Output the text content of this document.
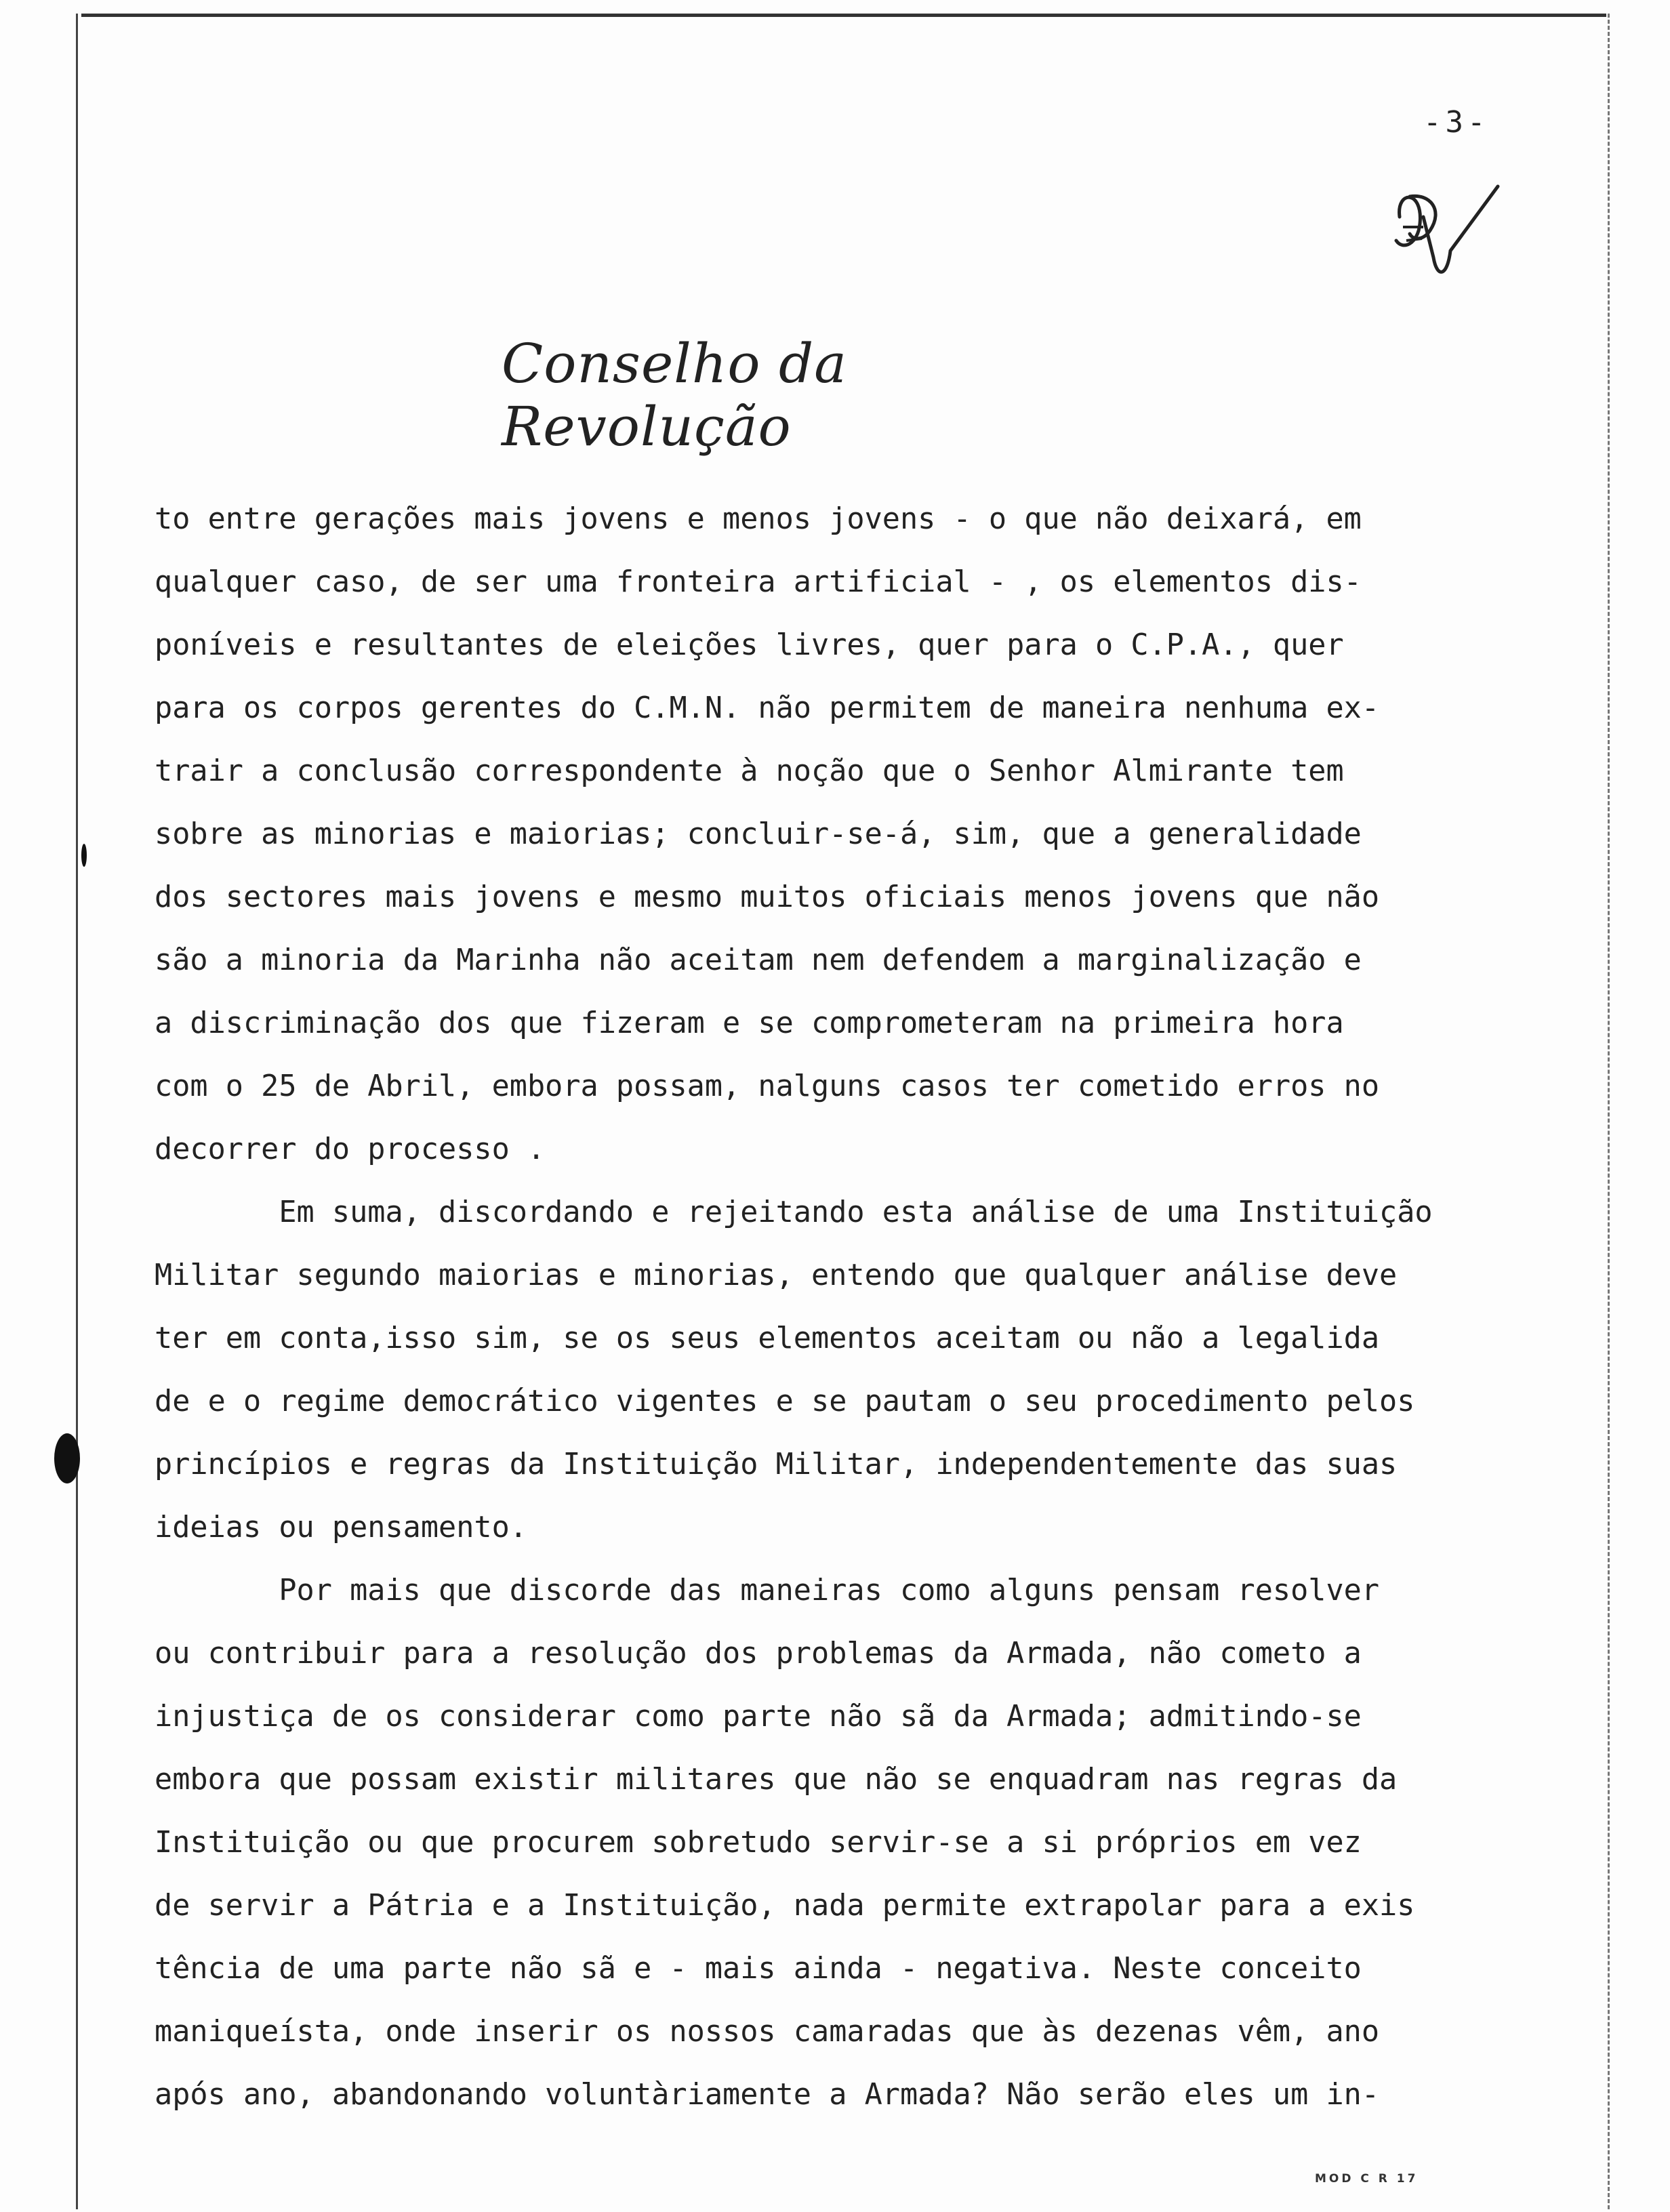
-3-
Conselho da Revolução
to entre gerações mais jovens e menos jovens - o que não deixará, em
qualquer caso, de ser uma fronteira artificial - , os elementos dis-
poníveis e resultantes de eleições livres, quer para o C.P.A., quer
para os corpos gerentes do C.M.N. não permitem de maneira nenhuma ex-
trair a conclusão correspondente à noção que o Senhor Almirante tem
sobre as minorias e maiorias; concluir-se-á, sim, que a generalidade
dos sectores mais jovens e mesmo muitos oficiais menos jovens que não
são a minoria da Marinha não aceitam nem defendem a marginalização e
a discriminação dos que fizeram e se comprometeram na primeira hora
com o 25 de Abril, embora possam, nalguns casos ter cometido erros no
decorrer do processo .
Em suma, discordando e rejeitando esta análise de uma Instituição
Militar segundo maiorias e minorias, entendo que qualquer análise deve
ter em conta,isso sim, se os seus elementos aceitam ou não a legalida
de e o regime democrático vigentes e se pautam o seu procedimento pelos
princípios e regras da Instituição Militar, independentemente das suas
ideias ou pensamento.
Por mais que discorde das maneiras como alguns pensam resolver
ou contribuir para a resolução dos problemas da Armada, não cometo a
injustiça de os considerar como parte não sã da Armada; admitindo-se
embora que possam existir militares que não se enquadram nas regras da
Instituição ou que procurem sobretudo servir-se a si próprios em vez
de servir a Pátria e a Instituição, nada permite extrapolar para a exis
tência de uma parte não sã e - mais ainda - negativa. Neste conceito
maniqueísta, onde inserir os nossos camaradas que às dezenas vêm, ano
após ano, abandonando voluntàriamente a Armada? Não serão eles um in-
MOD C R 17
